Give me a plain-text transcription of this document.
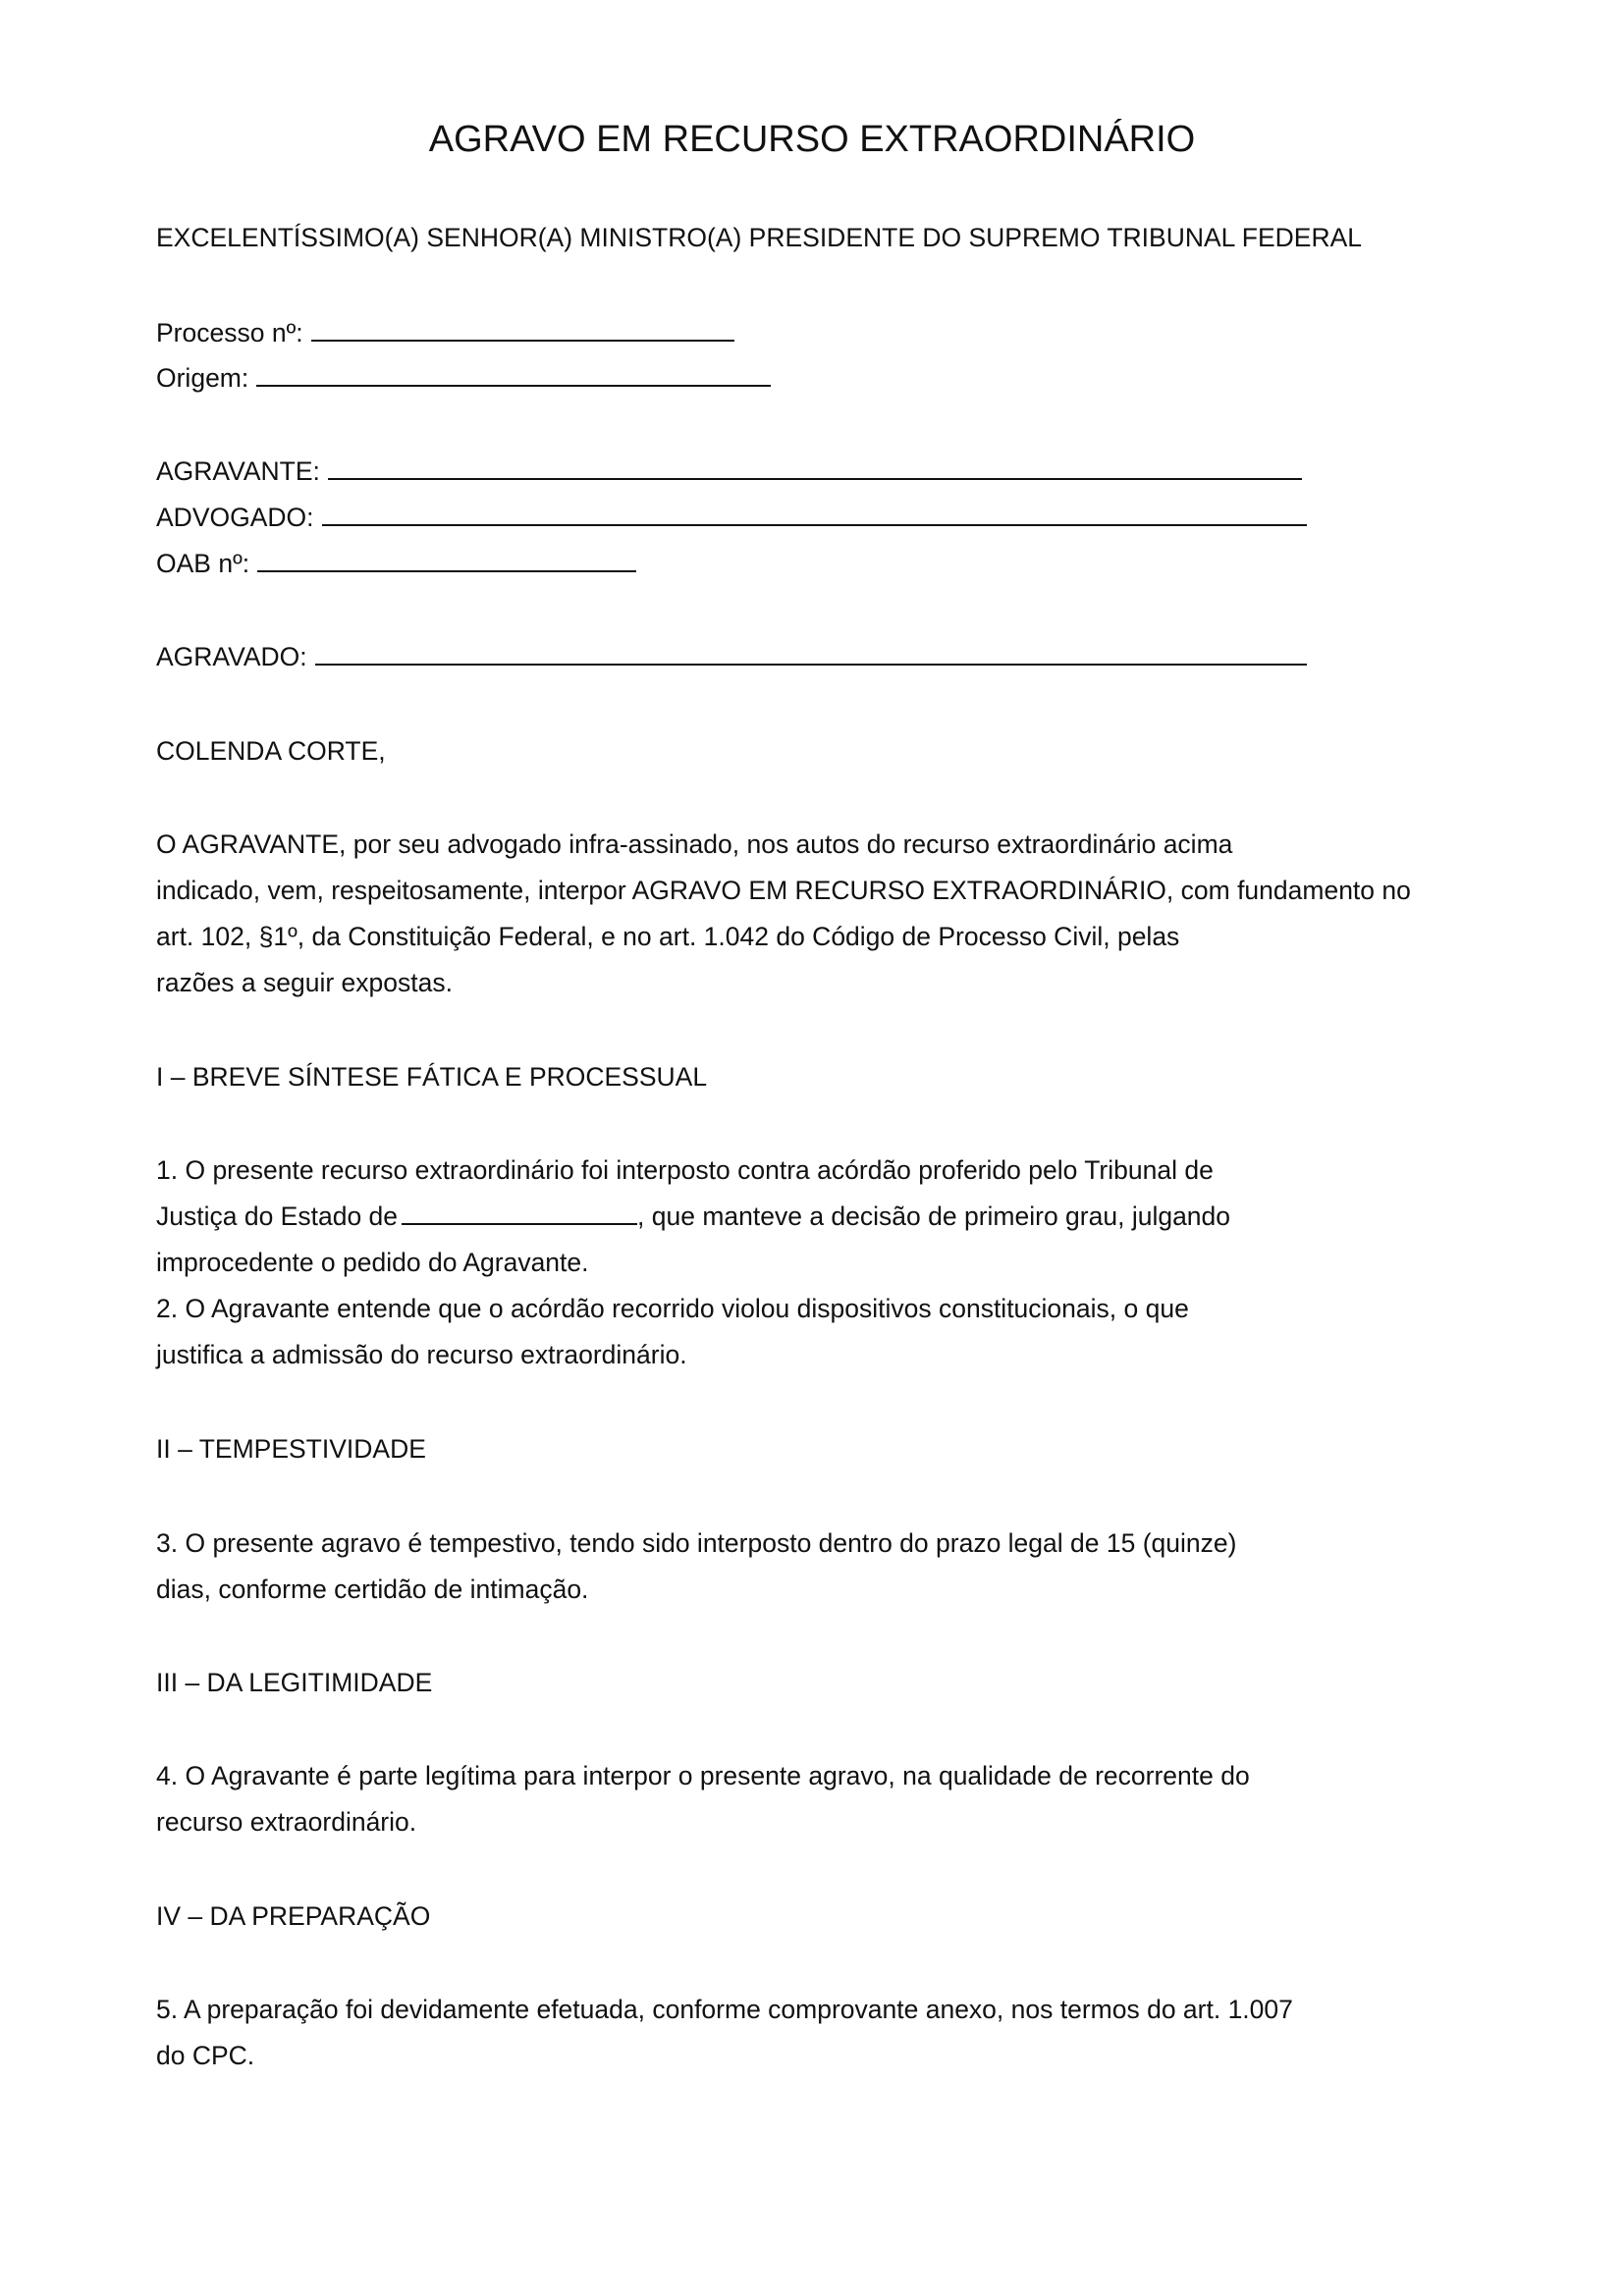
AGRAVO EM RECURSO EXTRAORDINÁRIO

EXCELENTÍSSIMO(A) SENHOR(A) MINISTRO(A) PRESIDENTE DO SUPREMO TRIBUNAL FEDERAL

Processo nº:

Origem:

AGRAVANTE:

ADVOGADO:

OAB nº:

AGRAVADO:

COLENDA CORTE,

O AGRAVANTE, por seu advogado infra-assinado, nos autos do recurso extraordinário acima

indicado, vem, respeitosamente, interpor AGRAVO EM RECURSO EXTRAORDINÁRIO, com fundamento no

art. 102, §1º, da Constituição Federal, e no art. 1.042 do Código de Processo Civil, pelas

razões a seguir expostas.

I – BREVE SÍNTESE FÁTICA E PROCESSUAL

1. O presente recurso extraordinário foi interposto contra acórdão proferido pelo Tribunal de

Justiça do Estado de	, que manteve a decisão de primeiro grau, julgando

improcedente o pedido do Agravante.

2. O Agravante entende que o acórdão recorrido violou dispositivos constitucionais, o que

justifica a admissão do recurso extraordinário.

II – TEMPESTIVIDADE

3. O presente agravo é tempestivo, tendo sido interposto dentro do prazo legal de 15 (quinze)

dias, conforme certidão de intimação.

III – DA LEGITIMIDADE

4. O Agravante é parte legítima para interpor o presente agravo, na qualidade de recorrente do

recurso extraordinário.

IV – DA PREPARAÇÃO

5. A preparação foi devidamente efetuada, conforme comprovante anexo, nos termos do art. 1.007

do CPC.
